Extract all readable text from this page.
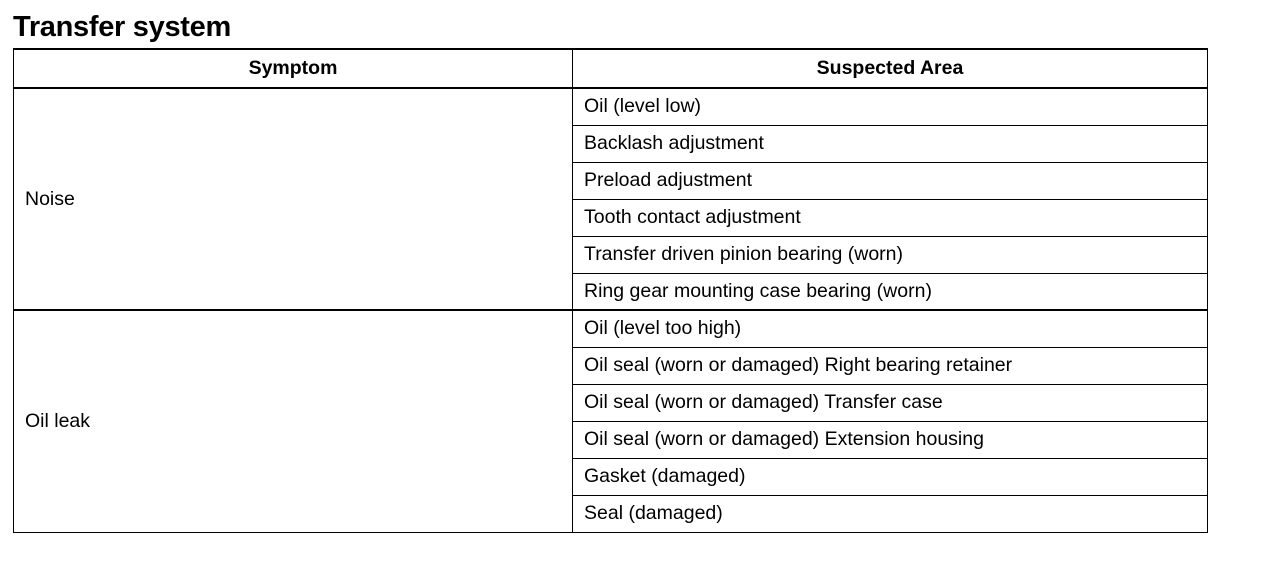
Transfer system
Symptom	Suspected Area
Noise	Oil (level low)
	Backlash adjustment
	Preload adjustment
	Tooth contact adjustment
	Transfer driven pinion bearing (worn)
	Ring gear mounting case bearing (worn)
Oil leak	Oil (level too high)
	Oil seal (worn or damaged) Right bearing retainer
	Oil seal (worn or damaged) Transfer case
	Oil seal (worn or damaged) Extension housing
	Gasket (damaged)
	Seal (damaged)
